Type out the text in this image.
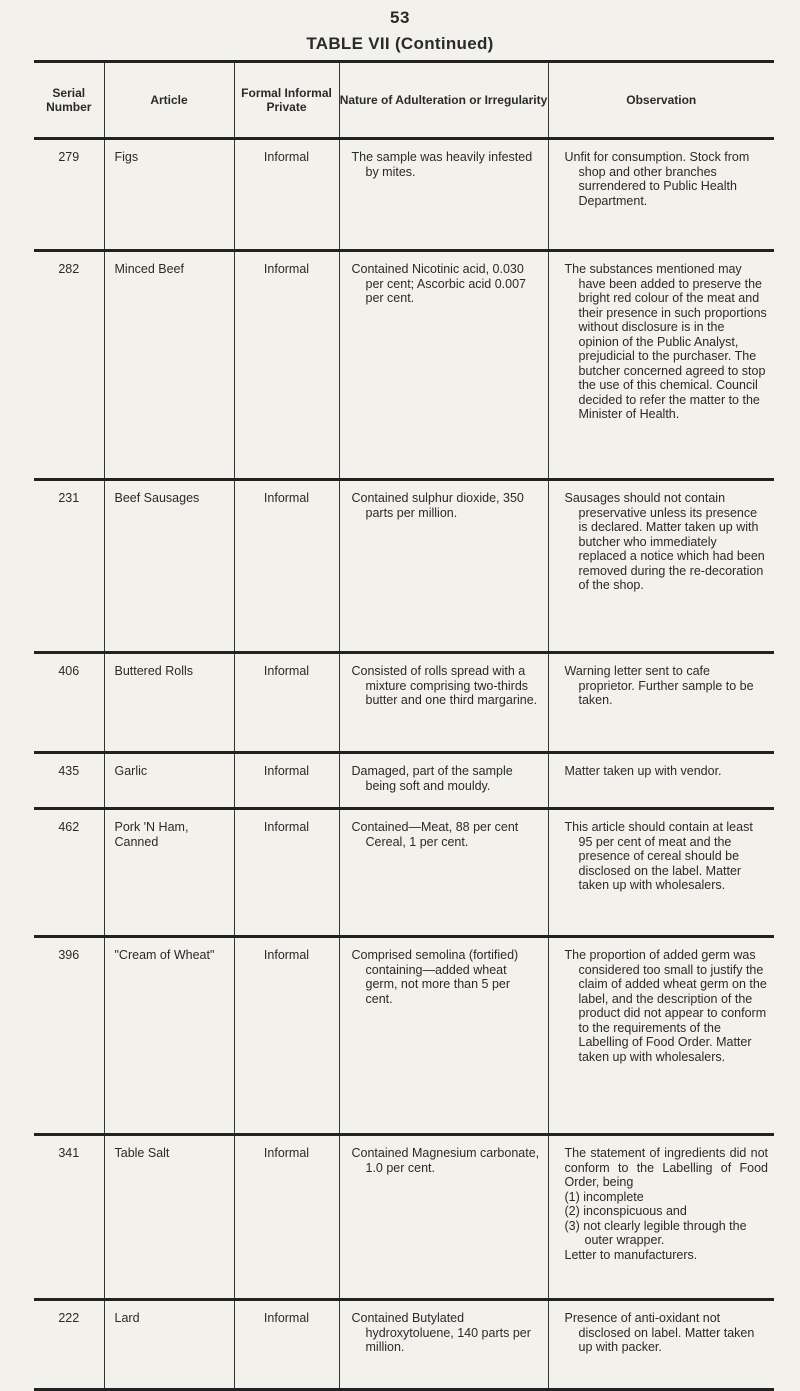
53
TABLE VII (Continued)
Serial Number	Article	Formal Informal Private	Nature of Adulteration or Irregularity	Observation
279	Figs	Informal	The sample was heavily infested by mites.	Unfit for consumption. Stock from shop and other branches surrendered to Public Health Department.

282	Minced Beef	Informal	Contained Nicotinic acid, 0.030 per cent; Ascorbic acid 0.007 per cent.	The substances mentioned may have been added to preserve the bright red colour of the meat and their presence in such proportions without disclosure is in the opinion of the Public Analyst, prejudicial to the purchaser. The butcher concerned agreed to stop the use of this chemical. Council decided to refer the matter to the Minister of Health.

231	Beef Sausages	Informal	Contained sulphur dioxide, 350 parts per million.	Sausages should not contain preservative unless its presence is declared. Matter taken up with butcher who immediately replaced a notice which had been removed during the re-decoration of the shop.

406	Buttered Rolls	Informal	Consisted of rolls spread with a mixture comprising two-thirds butter and one third margarine.	Warning letter sent to cafe proprietor. Further sample to be taken.

435	Garlic	Informal	Damaged, part of the sample being soft and mouldy.	Matter taken up with vendor.

462	Pork 'N Ham, Canned	Informal	Contained—Meat, 88 per cent Cereal, 1 per cent.	This article should contain at least 95 per cent of meat and the presence of cereal should be disclosed on the label. Matter taken up with wholesalers.

396	"Cream of Wheat"	Informal	Comprised semolina (fortified) containing—added wheat germ, not more than 5 per cent.	The proportion of added germ was considered too small to justify the claim of added wheat germ on the label, and the description of the product did not appear to conform to the requirements of the Labelling of Food Order. Matter taken up with wholesalers.

341	Table Salt	Informal	Contained Magnesium carbonate, 1.0 per cent.	The statement of ingredients did not conform to the Labelling of Food Order, being
(1) incomplete
(2) inconspicuous and
(3) not clearly legible through the outer wrapper.
Letter to manufacturers.

222	Lard	Informal	Contained Butylated hydroxytoluene, 140 parts per million.	Presence of anti-oxidant not disclosed on label. Matter taken up with packer.
